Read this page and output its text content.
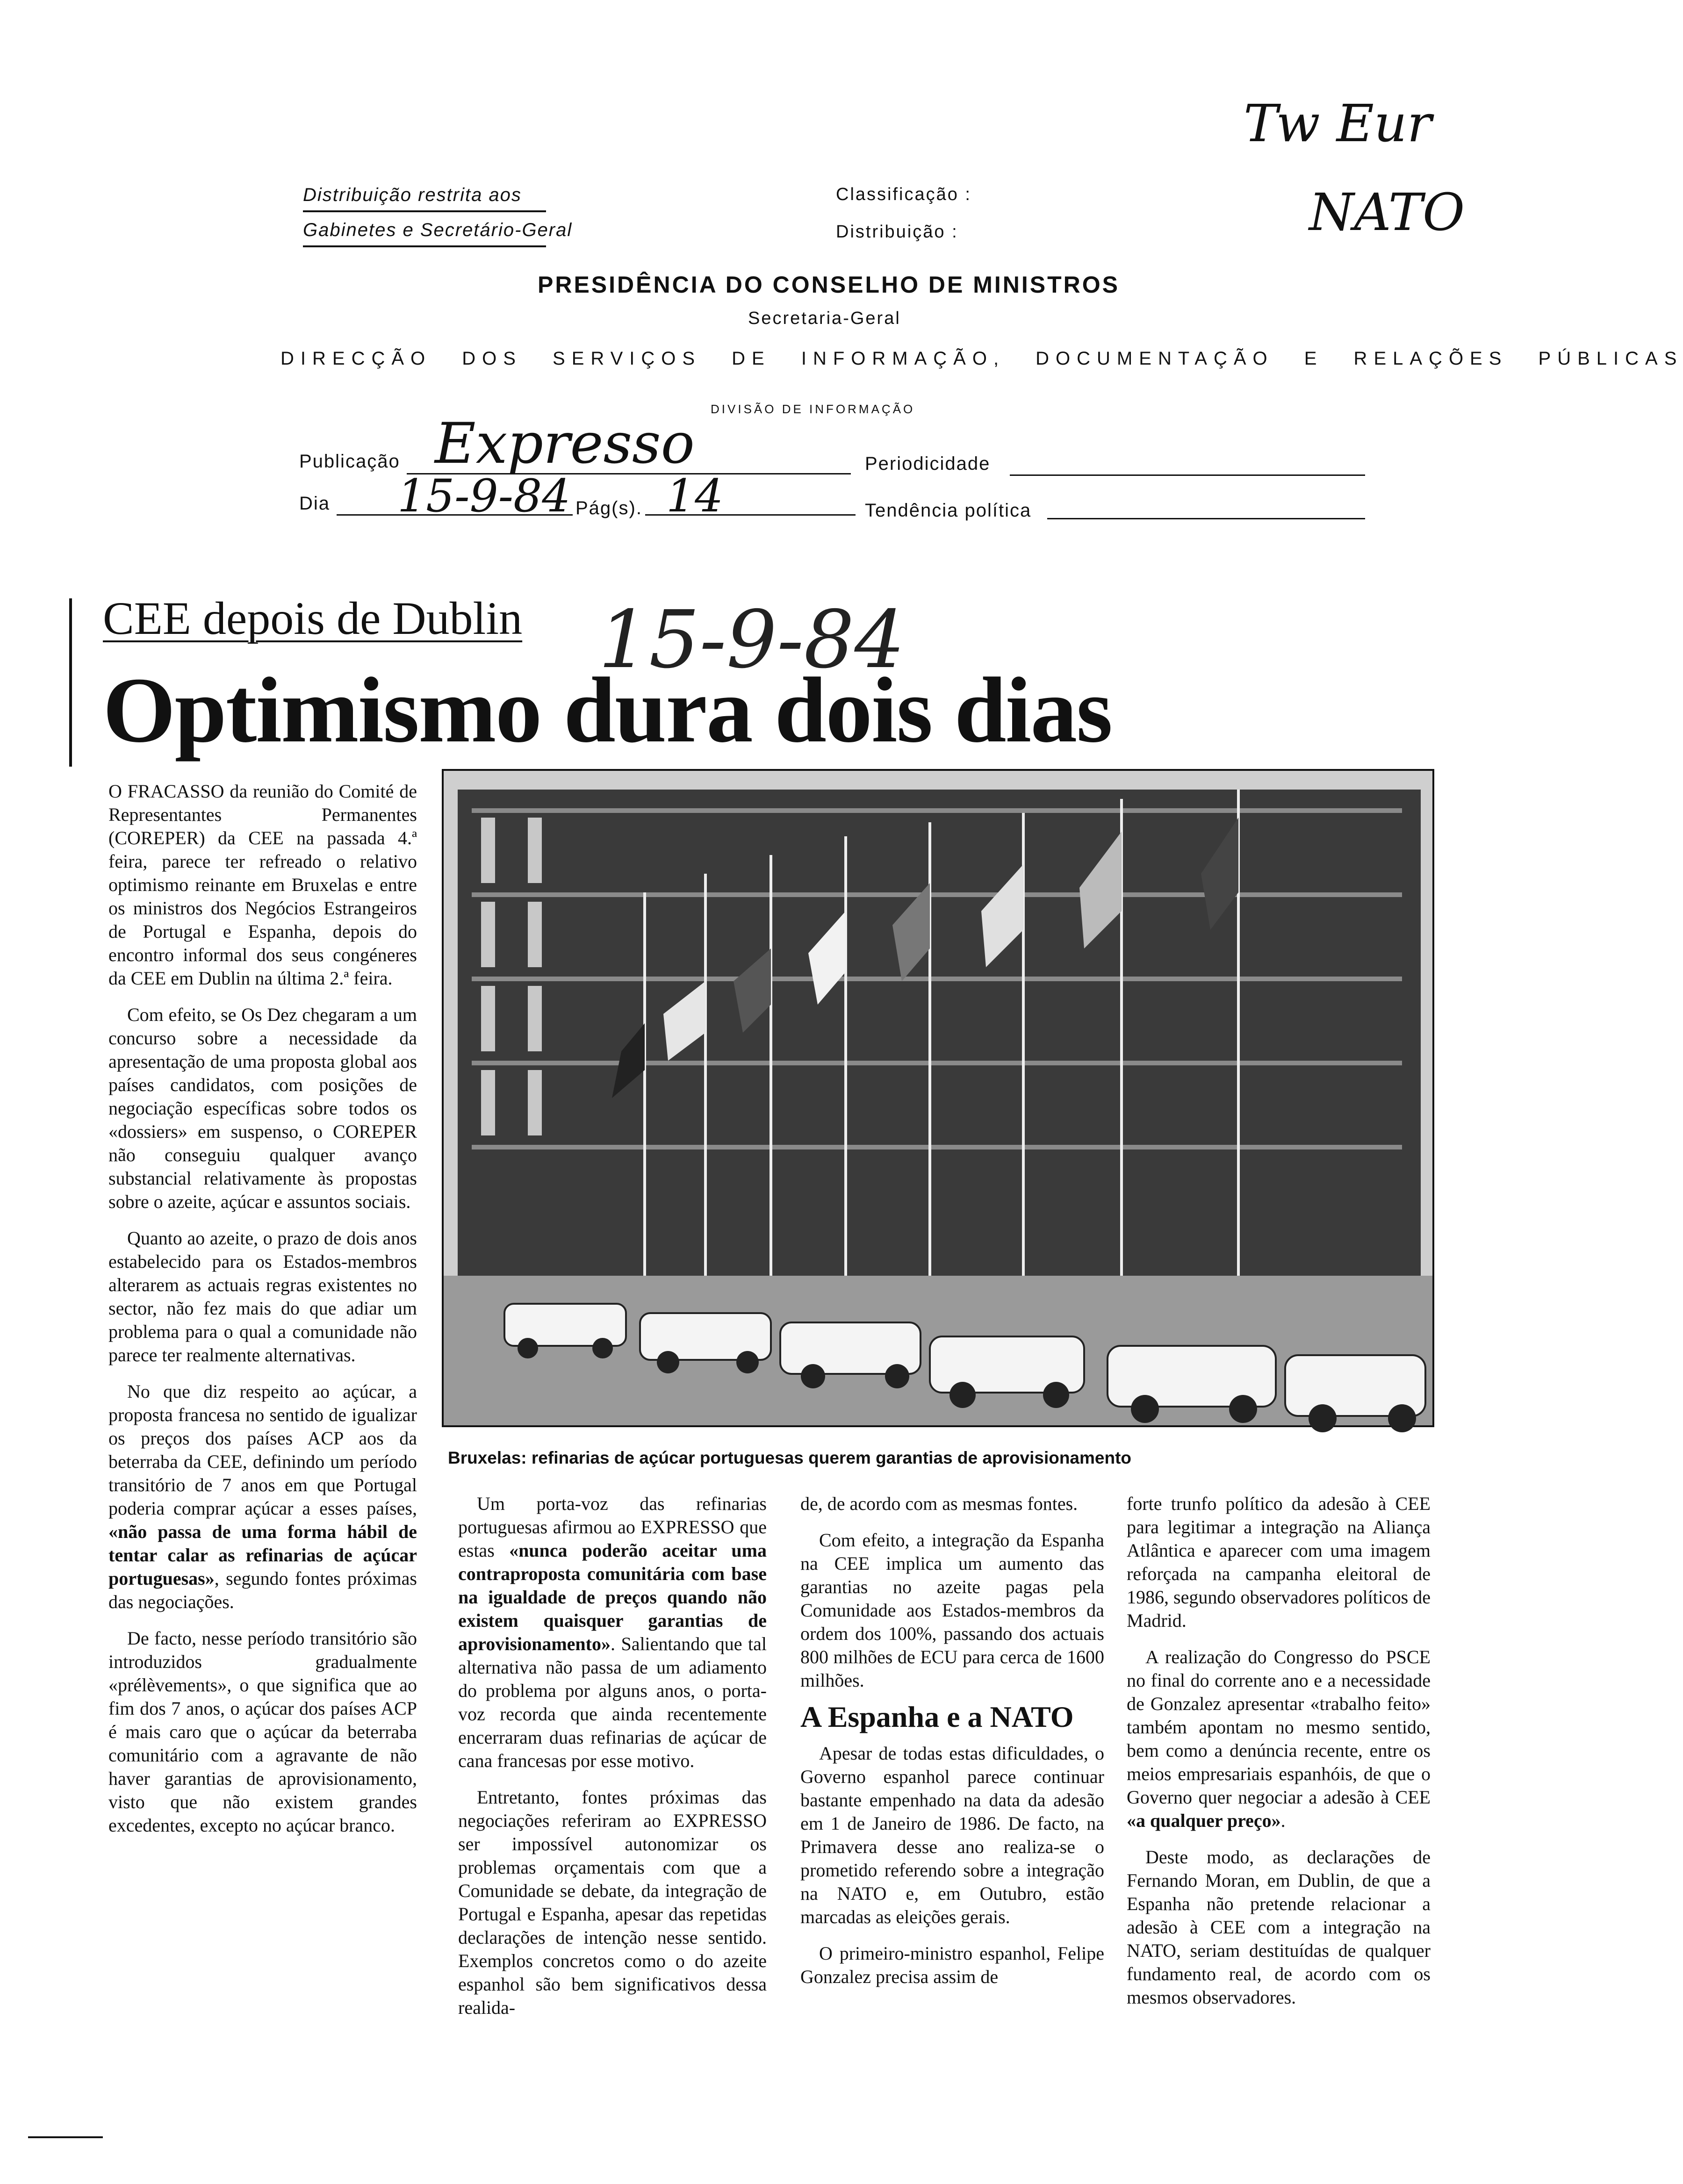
Tw Eur
NATO
Distribuição restrita aos
Gabinetes e Secretário-Geral
Classificação :
Distribuição :
PRESIDÊNCIA DO CONSELHO DE MINISTROS
Secretaria-Geral
DIRECÇÃO DOS SERVIÇOS DE INFORMAÇÃO, DOCUMENTAÇÃO E RELAÇÕES PÚBLICAS
DIVISÃO DE INFORMAÇÃO
Publicação Expresso	Periodicidade
Dia 15-9-84 Pág(s). 14	Tendência política
CEE depois de Dublin 15-9-84
Optimismo dura dois dias
Bruxelas: refinarias de açúcar portuguesas querem garantias de aprovisionamento

O FRACASSO da reunião do Comité de Representantes Permanentes (COREPER) da CEE na passada 4.ª feira, parece ter refreado o relativo optimismo reinante em Bruxelas e entre os ministros dos Negócios Estrangeiros de Portugal e Espanha, depois do encontro informal dos seus congéneres da CEE em Dublin na última 2.ª feira.

Com efeito, se Os Dez chegaram a um concurso sobre a necessidade da apresentação de uma proposta global aos países candidatos, com posições de negociação específicas sobre todos os «dossiers» em suspenso, o COREPER não conseguiu qualquer avanço substancial relativamente às propostas sobre o azeite, açúcar e assuntos sociais.

Quanto ao azeite, o prazo de dois anos estabelecido para os Estados-membros alterarem as actuais regras existentes no sector, não fez mais do que adiar um problema para o qual a comunidade não parece ter realmente alternativas.

No que diz respeito ao açúcar, a proposta francesa no sentido de igualizar os preços dos países ACP aos da beterraba da CEE, definindo um período transitório de 7 anos em que Portugal poderia comprar açúcar a esses países, «não passa de uma forma hábil de tentar calar as refinarias de açúcar portuguesas», segundo fontes próximas das negociações.

De facto, nesse período transitório são introduzidos gradualmente «prélèvements», o que significa que ao fim dos 7 anos, o açúcar dos países ACP é mais caro que o açúcar da beterraba comunitário com a agravante de não haver garantias de aprovisionamento, visto que não existem grandes excedentes, excepto no açúcar branco.

Um porta-voz das refinarias portuguesas afirmou ao EXPRESSO que estas «nunca poderão aceitar uma contraproposta comunitária com base na igualdade de preços quando não existem quaisquer garantias de aprovisionamento». Salientando que tal alternativa não passa de um adiamento do problema por alguns anos, o porta-voz recorda que ainda recentemente encerraram duas refinarias de açúcar de cana francesas por esse motivo.

Entretanto, fontes próximas das negociações referiram ao EXPRESSO ser impossível autonomizar os problemas orçamentais com que a Comunidade se debate, da integração de Portugal e Espanha, apesar das repetidas declarações de intenção nesse sentido. Exemplos concretos como o do azeite espanhol são bem significativos dessa realida-

de, de acordo com as mesmas fontes.

Com efeito, a integração da Espanha na CEE implica um aumento das garantias no azeite pagas pela Comunidade aos Estados-membros da ordem dos 100%, passando dos actuais 800 milhões de ECU para cerca de 1600 milhões.

A Espanha e a NATO

Apesar de todas estas dificuldades, o Governo espanhol parece continuar bastante empenhado na data da adesão em 1 de Janeiro de 1986. De facto, na Primavera desse ano realiza-se o prometido referendo sobre a integração na NATO e, em Outubro, estão marcadas as eleições gerais.

O primeiro-ministro espanhol, Felipe Gonzalez precisa assim de

forte trunfo político da adesão à CEE para legitimar a integração na Aliança Atlântica e aparecer com uma imagem reforçada na campanha eleitoral de 1986, segundo observadores políticos de Madrid.

A realização do Congresso do PSCE no final do corrente ano e a necessidade de Gonzalez apresentar «trabalho feito» também apontam no mesmo sentido, bem como a denúncia recente, entre os meios empresariais espanhóis, de que o Governo quer negociar a adesão à CEE «a qualquer preço».

Deste modo, as declarações de Fernando Moran, em Dublin, de que a Espanha não pretende relacionar a adesão à CEE com a integração na NATO, seriam destituídas de qualquer fundamento real, de acordo com os mesmos observadores.
